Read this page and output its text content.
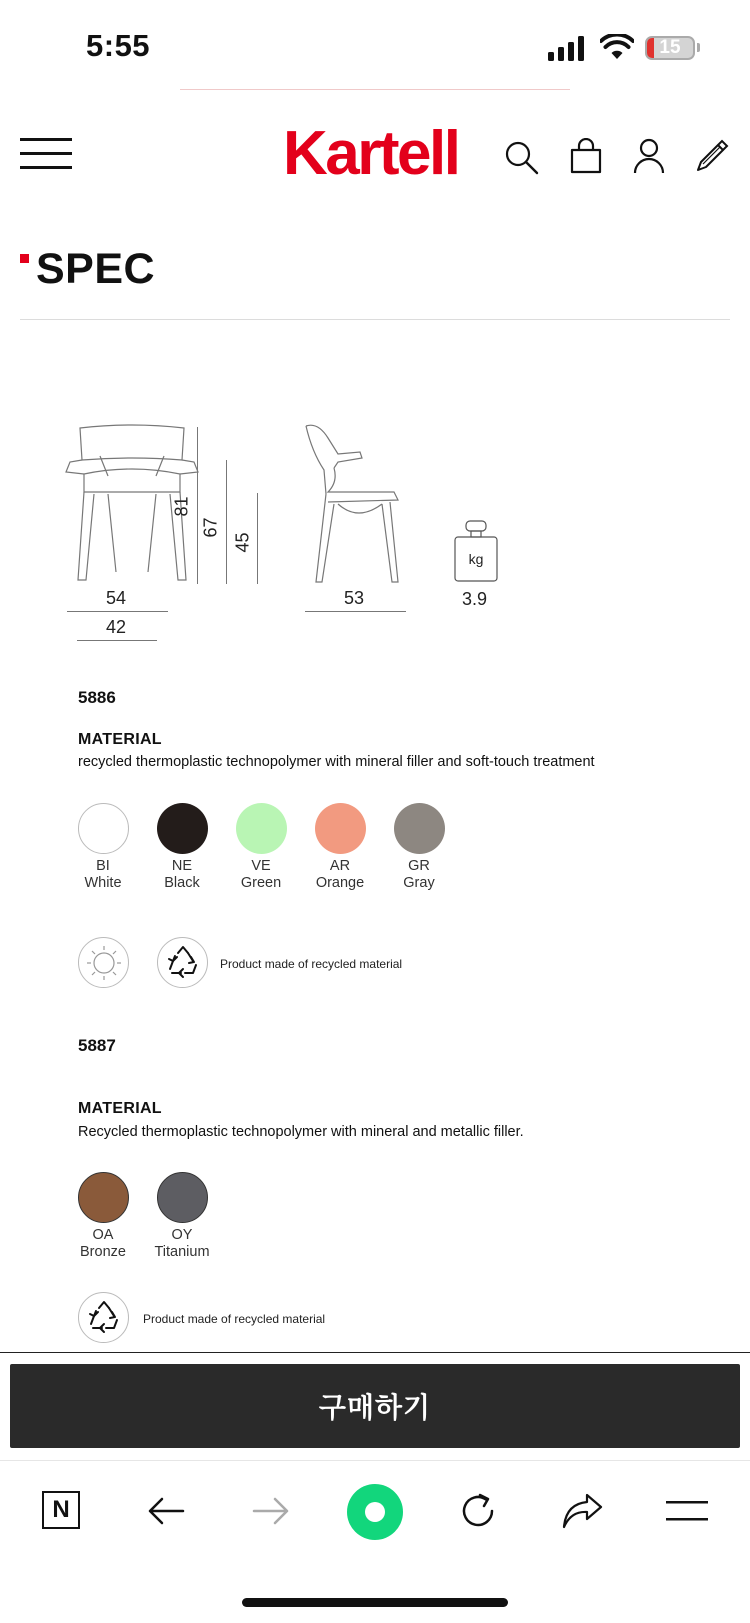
5:55	15
Kartell
SPEC
81
67
45
54
42
53
kg
3.9
5886
MATERIAL
recycled thermoplastic technopolymer with mineral filler and soft-touch treatment
BI
White
NE
Black
VE
Green
AR
Orange
GR
Gray
Product made of recycled material
5887
MATERIAL
Recycled thermoplastic technopolymer with mineral and metallic filler.
OA
Bronze
OY
Titanium
Product made of recycled material
구매하기
N
